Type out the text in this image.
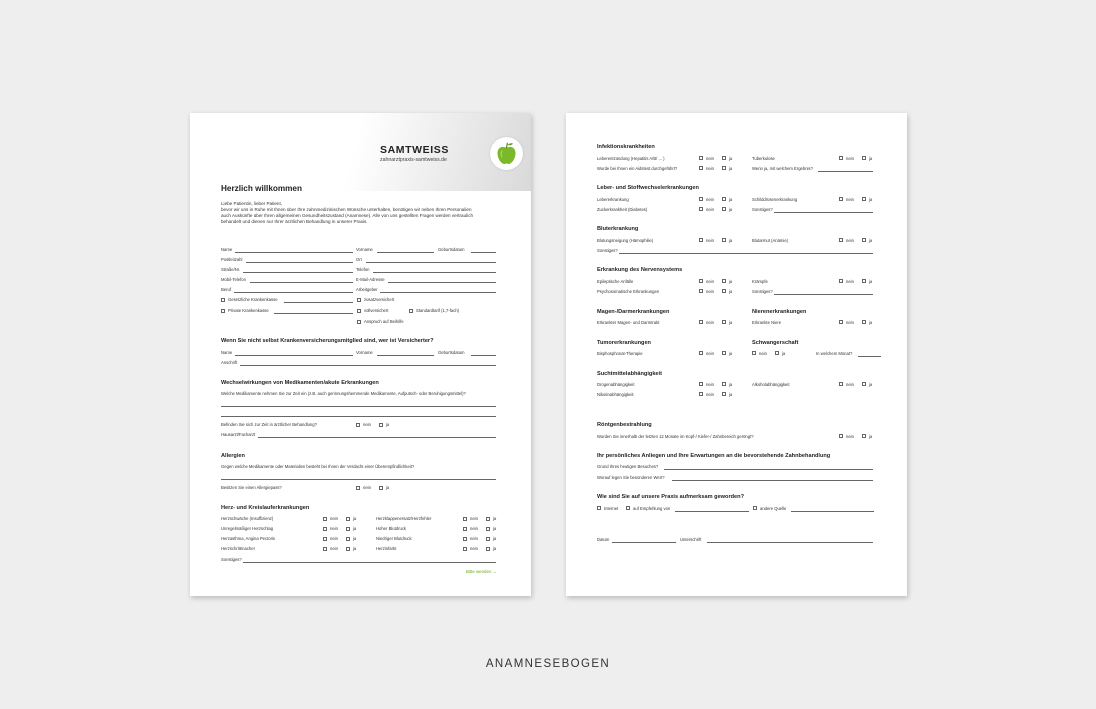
SAMTWEISS
zahnarztpraxis-samtweiss.de
Herzlich willkommen
Liebe Patientin, lieber Patient,
bevor wir uns in Ruhe mit Ihnen über Ihre zahnmedizinischen Wünsche unterhalten, benötigen wir neben Ihren Personalien
auch Auskünfte über Ihren allgemeinen Gesundheitszustand (Anamnese). Alle von uns gestellten Fragen werden vertraulich
behandelt und dienen nur Ihrer ärztlichen Behandlung in unserer Praxis.
Name	Vorname	Geburtsdatum
Postleitzahl	Ort
Straße/Nr.	Telefon
Mobil-Telefon	E-Mail-Adresse
Beruf	Arbeitgeber
Gesetzliche Krankenkasse	zusatzversichert
Private Krankenkasse	vollversichert	Standardtarif (1,7-fach)
Anspruch auf Beihilfe
Wenn Sie nicht selbst Krankenversicherungsmitglied sind, wer ist Versicherter?
Name	Vorname	Geburtsdatum
Anschrift
Wechselwirkungen von Medikamenten/akute Erkrankungen
Welche Medikamente nehmen Sie zur Zeit ein (z.B. auch gerinnungshemmende Medikamente, Aufputsch- oder Beruhigungsmittel)?
Befinden Sie sich zur Zeit in ärztlicher Behandlung?	nein	ja
Hausarzt/Facharzt
Allergien
Gegen welche Medikamente oder Materialien besteht bei Ihnen der Verdacht einer Überempfindlichkeit?
Besitzen Sie einen Allergiepass?	nein	ja
Herz- und Kreislauferkrankungen
Herzschwäche (Insuffizienz)	nein	ja	Herzklappenersatz/Herzfehler	nein	ja
Unregelmäßiger Herzschlag	nein	ja	Hoher Blutdruck	nein	ja
Herzasthma, Angina Pectoris	nein	ja	Niedriger Blutdruck	nein	ja
Herzschrittmacher	nein	ja	Herzinfarkt	nein	ja
Sonstiges?
Bitte wenden →
Infektionskrankheiten
Leberentzündung (Hepatitis A/B/ ... )	nein	ja	Tuberkulose	nein	ja
Wurde bei Ihnen ein Aidstest durchgeführt?	nein	ja	Wenn ja, mit welchem Ergebnis?
Leber- und Stoffwechselerkrankungen
Lebererkrankung	nein	ja	Schilddrüsenerkrankung	nein	ja
Zuckerkrankheit (Diabetes)	nein	ja	Sonstiges?
Bluterkrankung
Blutungsneigung (Hämophilie)	nein	ja	Blutarmut (Anämie)	nein	ja
Sonstiges?
Erkrankung des Nervensystems
Epileptische Anfälle	nein	ja	Krämpfe	nein	ja
Psychosomatische Erkrankungen	nein	ja	Sonstiges?
Magen-/Darmerkrankungen	Nierenerkrankungen
Erkrankter Magen- und Darmtrakt	nein	ja	Erkrankte Niere	nein	ja
Tumorerkrankungen	Schwangerschaft
Bisphosphonat-Therapie	nein	ja	nein	ja	In welchem Monat?
Suchtmittelabhängigkeit
Drogenabhängigkeit	nein	ja	Alkoholabhängigkeit	nein	ja
Nikotinabhängigkeit	nein	ja
Röntgenbestrahlung
Wurden Sie innerhalb der letzten 12 Monate im Kopf-/ Kiefer-/ Zahnbereich geröngt?	nein	ja
Ihr persönliches Anliegen und Ihre Erwartungen an die bevorstehende Zahnbehandlung
Grund Ihres heutigen Besuches?
Worauf legen Sie besonderen Wert?
Wie sind Sie auf unsere Praxis aufmerksam geworden?
Internet	auf Empfehlung von	andere Quelle
Datum	Unterschrift
ANAMNESEBOGEN
